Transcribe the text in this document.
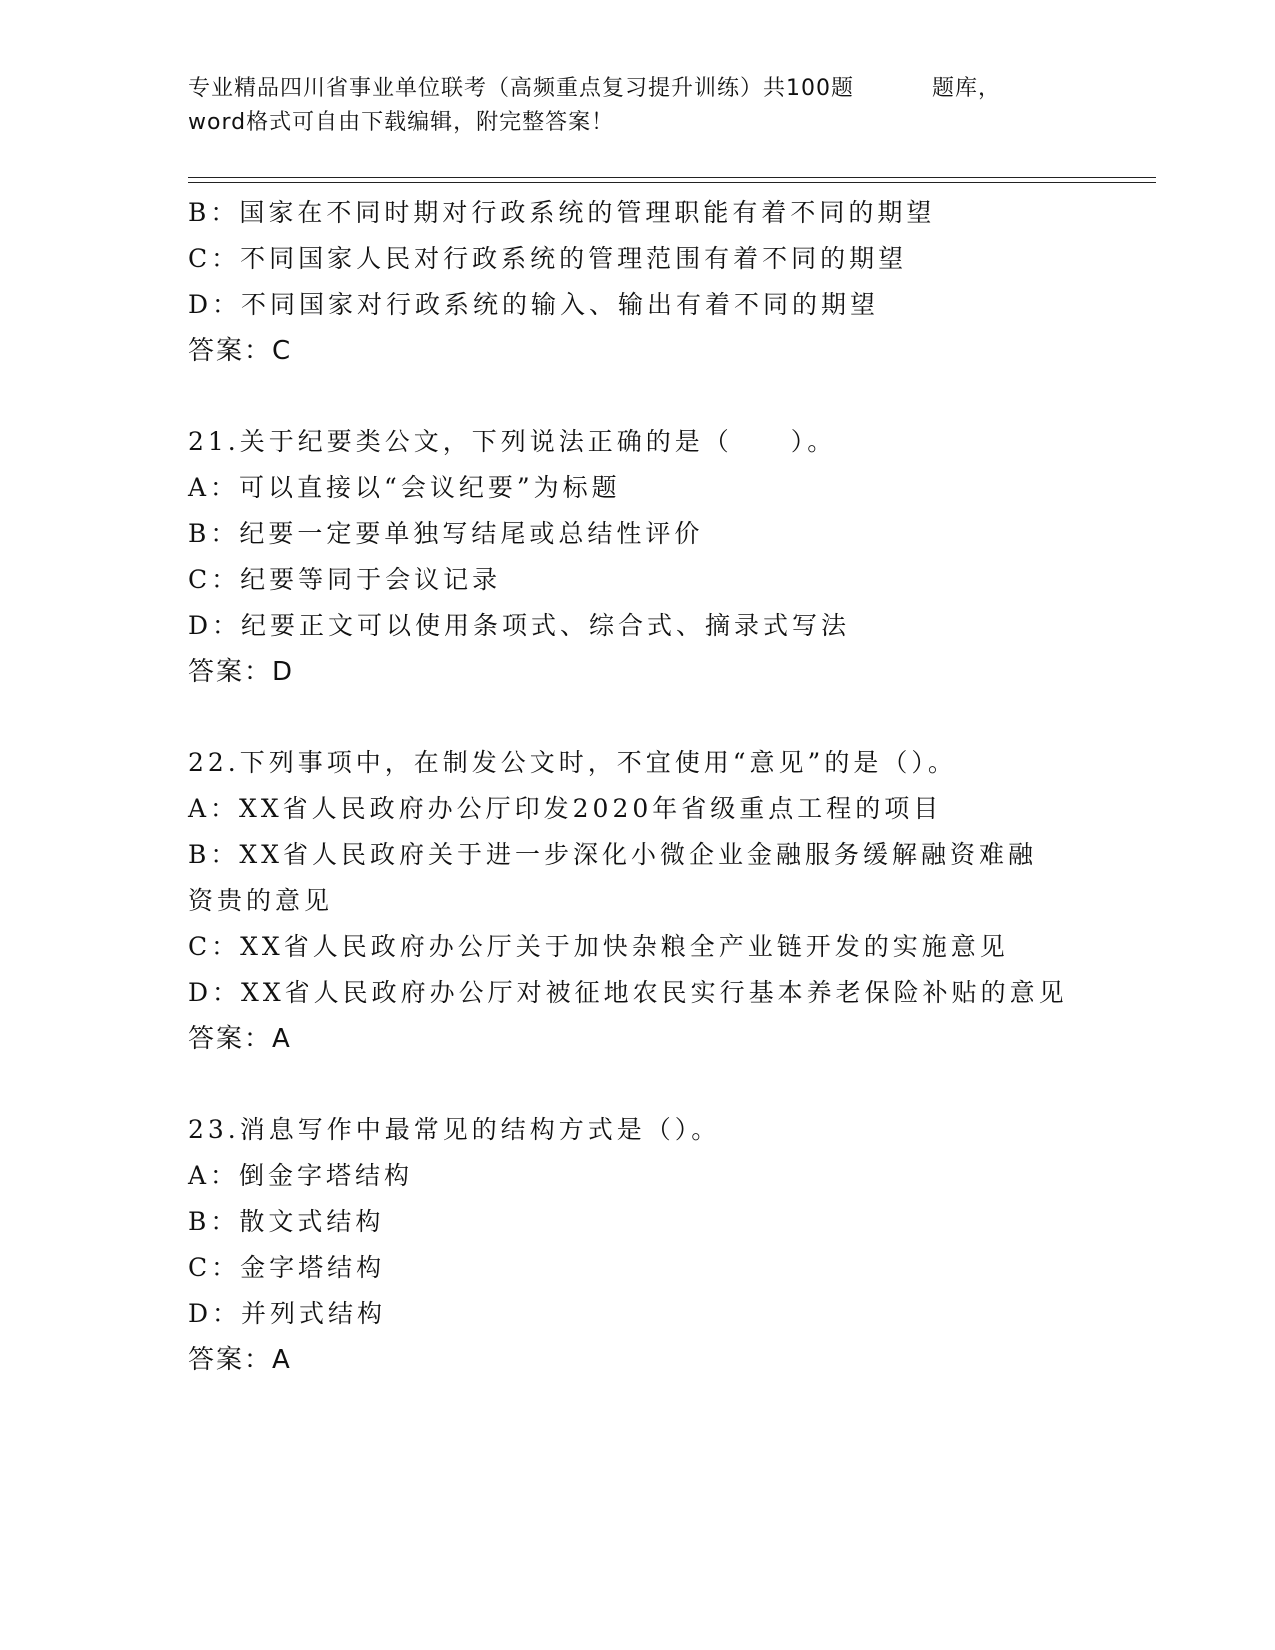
专业精品四川省事业单位联考（高频重点复习提升训练）共100题	题库，
word格式可自由下载编辑，附完整答案！
B：国家在不同时期对行政系统的管理职能有着不同的期望
C：不同国家人民对行政系统的管理范围有着不同的期望
D：不同国家对行政系统的输入、输出有着不同的期望
答案：C
21.关于纪要类公文，下列说法正确的是（　　）。
A：可以直接以“会议纪要”为标题
B：纪要一定要单独写结尾或总结性评价
C：纪要等同于会议记录
D：纪要正文可以使用条项式、综合式、摘录式写法
答案：D
22.下列事项中，在制发公文时，不宜使用“意见”的是（）。
A：XX省人民政府办公厅印发2020年省级重点工程的项目
B：XX省人民政府关于进一步深化小微企业金融服务缓解融资难融资贵的意见
C：XX省人民政府办公厅关于加快杂粮全产业链开发的实施意见
D：XX省人民政府办公厅对被征地农民实行基本养老保险补贴的意见
答案：A
23.消息写作中最常见的结构方式是（）。
A：倒金字塔结构
B：散文式结构
C：金字塔结构
D：并列式结构
答案：A
